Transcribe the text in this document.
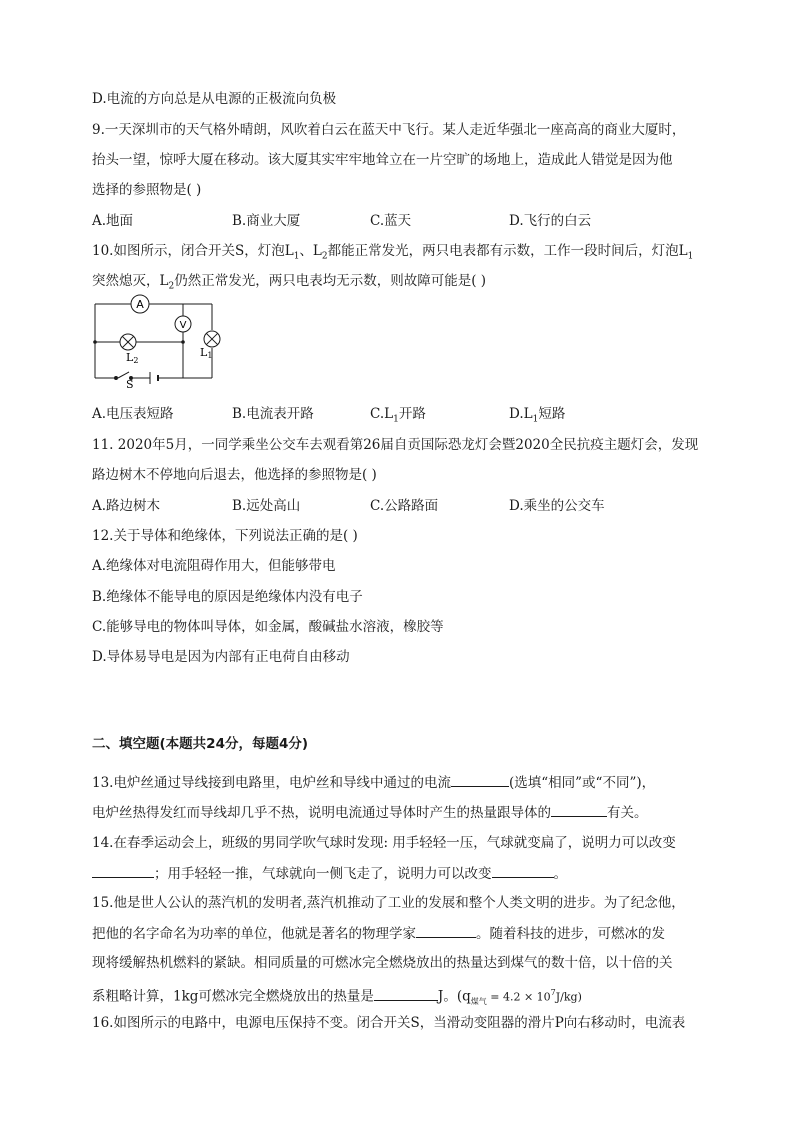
D.电流的方向总是从电源的正极流向负极
9.一天深圳市的天气格外晴朗，风吹着白云在蓝天中飞行。某人走近华强北一座高高的商业大厦时，
抬头一望，惊呼大厦在移动。该大厦其实牢牢地耸立在一片空旷的场地上，造成此人错觉是因为他
选择的参照物是( )
A.地面	B.商业大厦	C.蓝天	D.飞行的白云
10.如图所示，闭合开关S，灯泡$L_1$、$L_2$都能正常发光，两只电表都有示数，工作一段时间后，灯泡$L_1$
突然熄灭，$L_2$仍然正常发光，两只电表均无示数，则故障可能是( )
A
V
L2
L1
S
A.电压表短路	B.电流表开路	$C.L_1$开路	$D.L_1$短路
11. 2020年5月，一同学乘坐公交车去观看第26届自贡国际恐龙灯会暨2020全民抗疫主题灯会，发现
路边树木不停地向后退去，他选择的参照物是( )
A.路边树木	B.远处高山	C.公路路面	D.乘坐的公交车
12.关于导体和绝缘体，下列说法正确的是( )
A.绝缘体对电流阻碍作用大，但能够带电
B.绝缘体不能导电的原因是绝缘体内没有电子
C.能够导电的物体叫导体，如金属，酸碱盐水溶液，橡胶等
D.导体易导电是因为内部有正电荷自由移动
二、填空题(本题共24分，每题4分)
13.电炉丝通过导线接到电路里，电炉丝和导线中通过的电流	(选填“相同”或“不同”)，
电炉丝热得发红而导线却几乎不热，说明电流通过导体时产生的热量跟导体的	有关。
14.在春季运动会上，班级的男同学吹气球时发现: 用手轻轻一压，气球就变扁了，说明力可以改变
；用手轻轻一推，气球就向一侧飞走了，说明力可以改变	。
15.他是世人公认的蒸汽机的发明者,蒸汽机推动了工业的发展和整个人类文明的进步。为了纪念他，
把他的名字命名为功率的单位，他就是著名的物理学家	。随着科技的进步，可燃冰的发
现将缓解热机燃料的紧缺。相同质量的可燃冰完全燃烧放出的热量达到煤气的数十倍，以十倍的关
系粗略计算，1kg可燃冰完全燃烧放出的热量是	J。$(q_{煤气} = 4.2 \times 10^7J/kg)$
16.如图所示的电路中，电源电压保持不变。闭合开关S，当滑动变阻器的滑片P向右移动时，电流表
